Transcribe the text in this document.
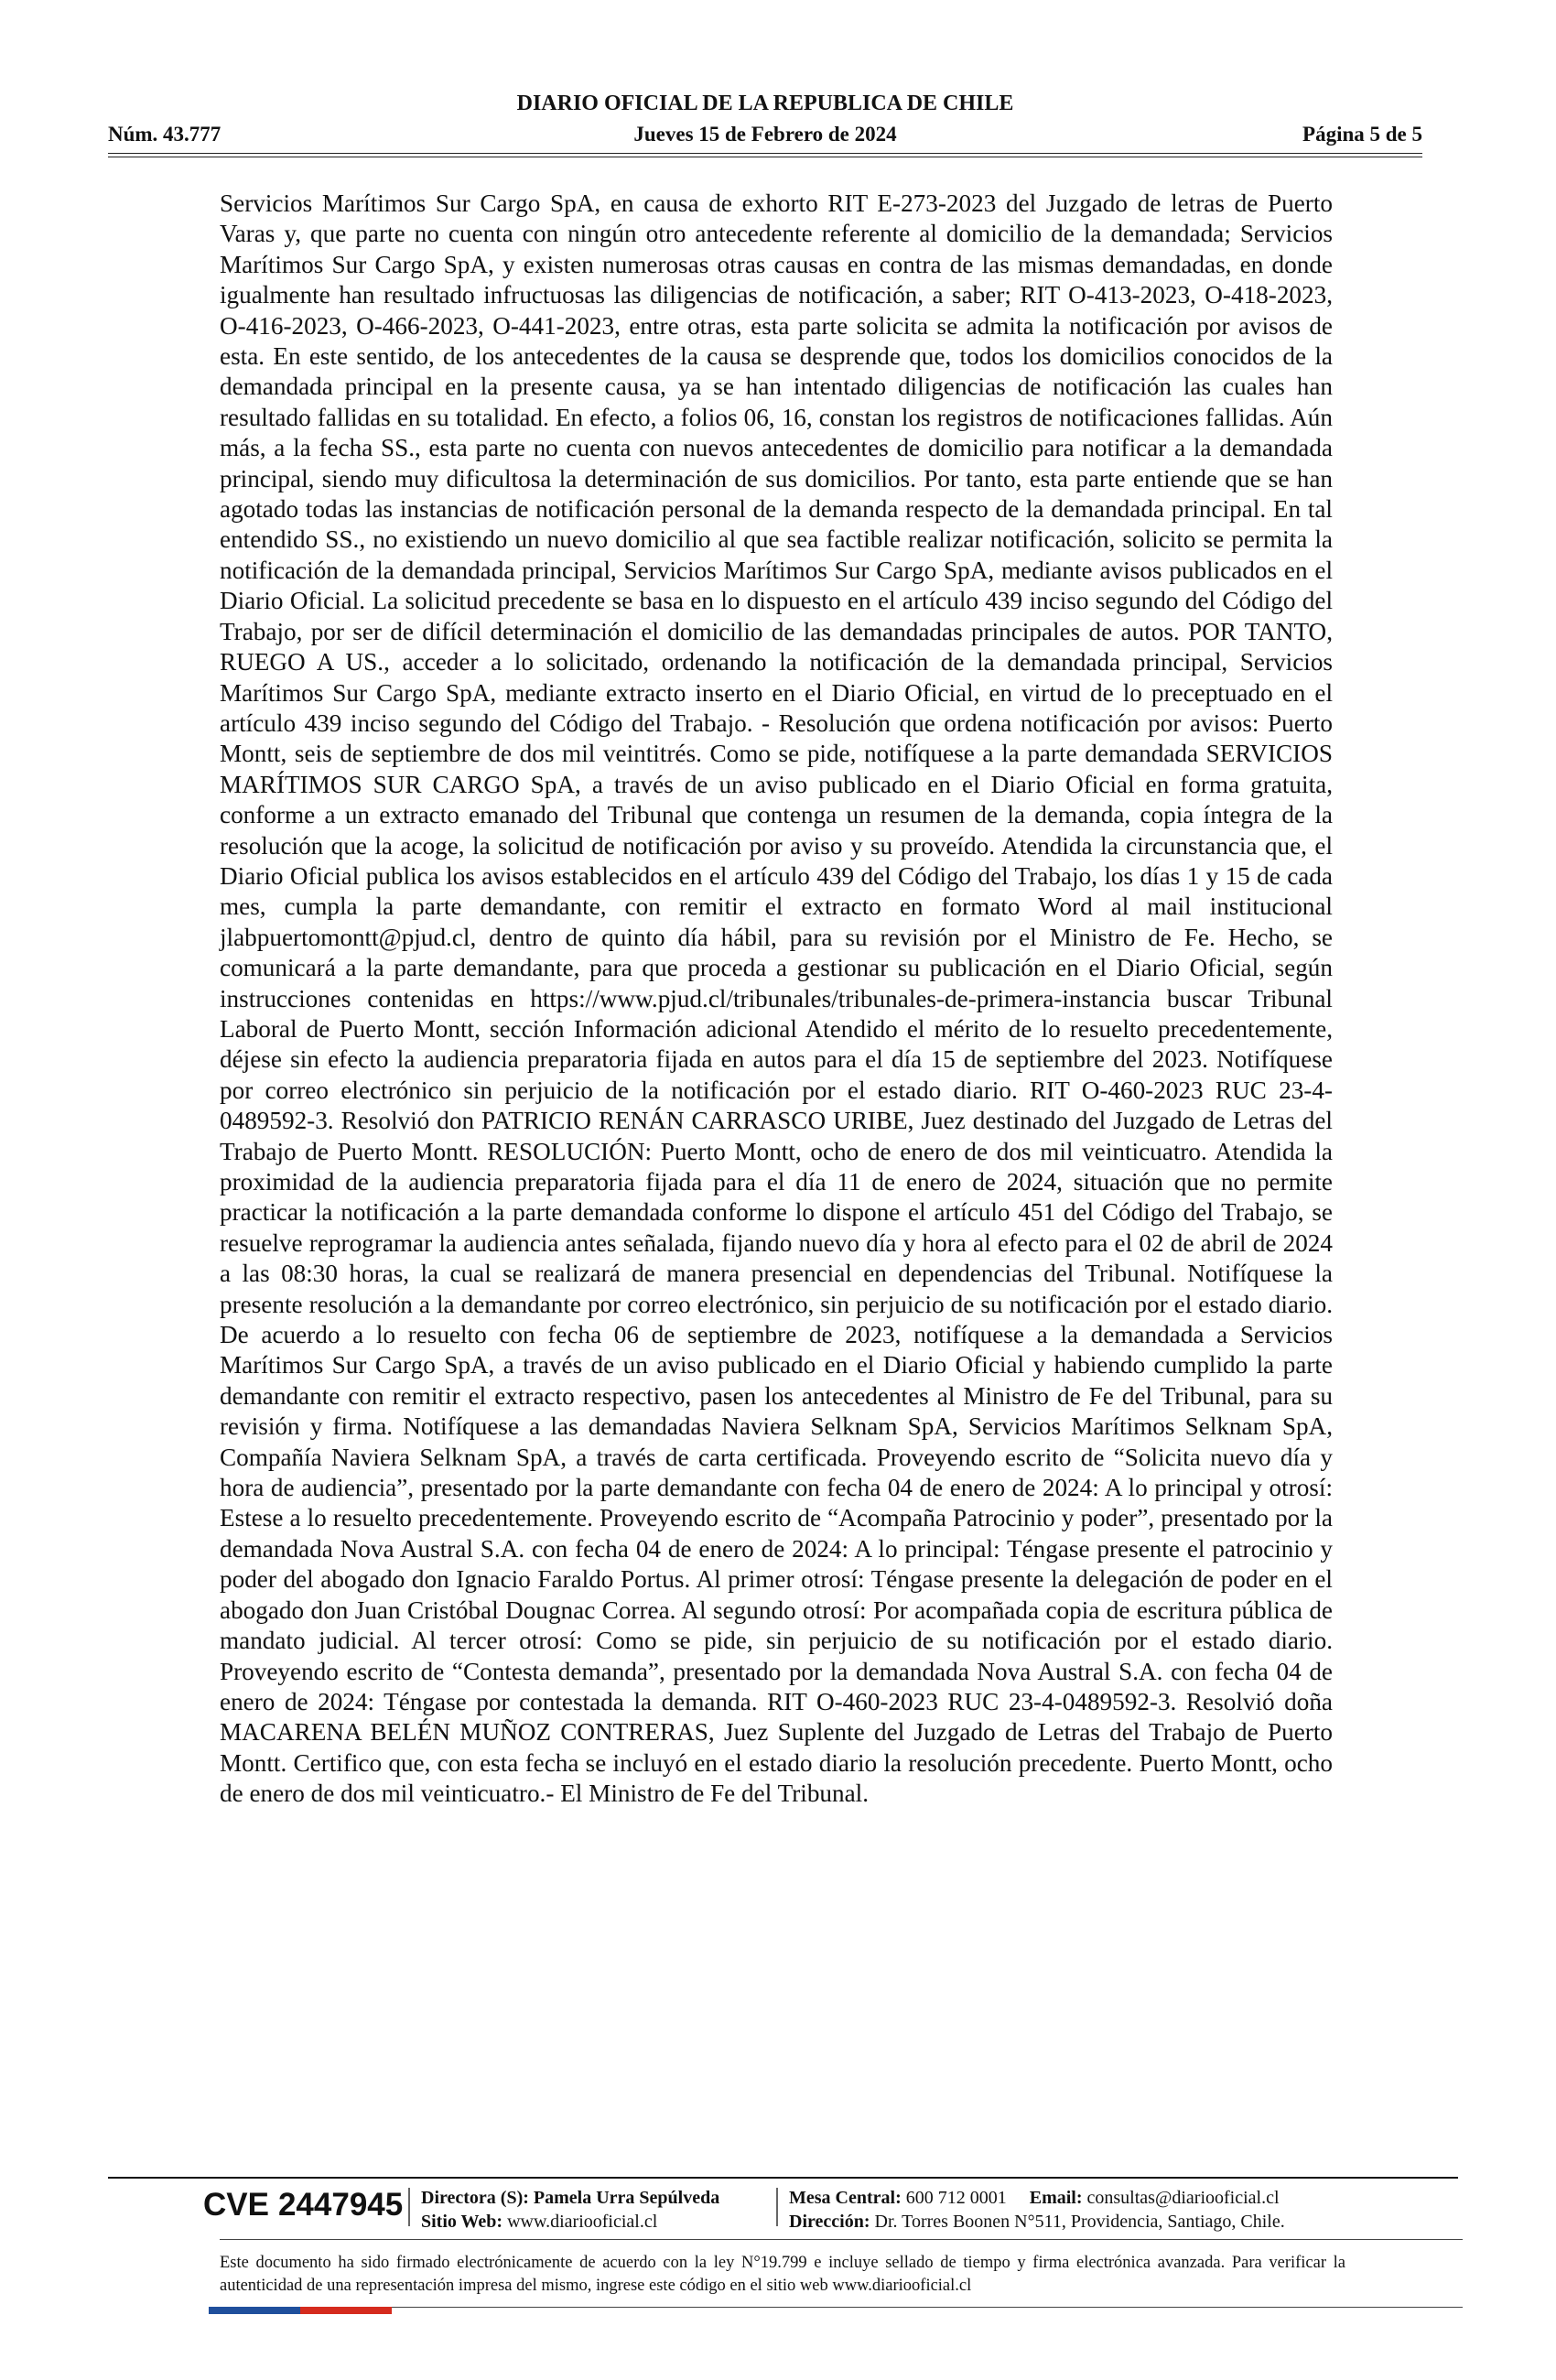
DIARIO OFICIAL DE LA REPUBLICA DE CHILE
Núm. 43.777	Jueves 15 de Febrero de 2024	Página 5 de 5

Servicios Marítimos Sur Cargo SpA, en causa de exhorto RIT E-273-2023 del Juzgado de letras de Puerto Varas y, que parte no cuenta con ningún otro antecedente referente al domicilio de la demandada; Servicios Marítimos Sur Cargo SpA, y existen numerosas otras causas en contra de las mismas demandadas, en donde igualmente han resultado infructuosas las diligencias de notificación, a saber; RIT O-413-2023, O-418-2023, O-416-2023, O-466-2023, O-441-2023, entre otras, esta parte solicita se admita la notificación por avisos de esta. En este sentido, de los antecedentes de la causa se desprende que, todos los domicilios conocidos de la demandada principal en la presente causa, ya se han intentado diligencias de notificación las cuales han resultado fallidas en su totalidad. En efecto, a folios 06, 16, constan los registros de notificaciones fallidas. Aún más, a la fecha SS., esta parte no cuenta con nuevos antecedentes de domicilio para notificar a la demandada principal, siendo muy dificultosa la determinación de sus domicilios. Por tanto, esta parte entiende que se han agotado todas las instancias de notificación personal de la demanda respecto de la demandada principal. En tal entendido SS., no existiendo un nuevo domicilio al que sea factible realizar notificación, solicito se permita la notificación de la demandada principal, Servicios Marítimos Sur Cargo SpA, mediante avisos publicados en el Diario Oficial. La solicitud precedente se basa en lo dispuesto en el artículo 439 inciso segundo del Código del Trabajo, por ser de difícil determinación el domicilio de las demandadas principales de autos. POR TANTO, RUEGO A US., acceder a lo solicitado, ordenando la notificación de la demandada principal, Servicios Marítimos Sur Cargo SpA, mediante extracto inserto en el Diario Oficial, en virtud de lo preceptuado en el artículo 439 inciso segundo del Código del Trabajo. - Resolución que ordena notificación por avisos: Puerto Montt, seis de septiembre de dos mil veintitrés. Como se pide, notifíquese a la parte demandada SERVICIOS MARÍTIMOS SUR CARGO SpA, a través de un aviso publicado en el Diario Oficial en forma gratuita, conforme a un extracto emanado del Tribunal que contenga un resumen de la demanda, copia íntegra de la resolución que la acoge, la solicitud de notificación por aviso y su proveído. Atendida la circunstancia que, el Diario Oficial publica los avisos establecidos en el artículo 439 del Código del Trabajo, los días 1 y 15 de cada mes, cumpla la parte demandante, con remitir el extracto en formato Word al mail institucional jlabpuertomontt@pjud.cl, dentro de quinto día hábil, para su revisión por el Ministro de Fe. Hecho, se comunicará a la parte demandante, para que proceda a gestionar su publicación en el Diario Oficial, según instrucciones contenidas en https://www.pjud.cl/tribunales/tribunales-de-primera-instancia buscar Tribunal Laboral de Puerto Montt, sección Información adicional Atendido el mérito de lo resuelto precedentemente, déjese sin efecto la audiencia preparatoria fijada en autos para el día 15 de septiembre del 2023. Notifíquese por correo electrónico sin perjuicio de la notificación por el estado diario. RIT O-460-2023 RUC 23-4-0489592-3. Resolvió don PATRICIO RENÁN CARRASCO URIBE, Juez destinado del Juzgado de Letras del Trabajo de Puerto Montt. RESOLUCIÓN: Puerto Montt, ocho de enero de dos mil veinticuatro. Atendida la proximidad de la audiencia preparatoria fijada para el día 11 de enero de 2024, situación que no permite practicar la notificación a la parte demandada conforme lo dispone el artículo 451 del Código del Trabajo, se resuelve reprogramar la audiencia antes señalada, fijando nuevo día y hora al efecto para el 02 de abril de 2024 a las 08:30 horas, la cual se realizará de manera presencial en dependencias del Tribunal. Notifíquese la presente resolución a la demandante por correo electrónico, sin perjuicio de su notificación por el estado diario. De acuerdo a lo resuelto con fecha 06 de septiembre de 2023, notifíquese a la demandada a Servicios Marítimos Sur Cargo SpA, a través de un aviso publicado en el Diario Oficial y habiendo cumplido la parte demandante con remitir el extracto respectivo, pasen los antecedentes al Ministro de Fe del Tribunal, para su revisión y firma. Notifíquese a las demandadas Naviera Selknam SpA, Servicios Marítimos Selknam SpA, Compañía Naviera Selknam SpA, a través de carta certificada. Proveyendo escrito de “Solicita nuevo día y hora de audiencia”, presentado por la parte demandante con fecha 04 de enero de 2024: A lo principal y otrosí: Estese a lo resuelto precedentemente. Proveyendo escrito de “Acompaña Patrocinio y poder”, presentado por la demandada Nova Austral S.A. con fecha 04 de enero de 2024: A lo principal: Téngase presente el patrocinio y poder del abogado don Ignacio Faraldo Portus. Al primer otrosí: Téngase presente la delegación de poder en el abogado don Juan Cristóbal Dougnac Correa. Al segundo otrosí: Por acompañada copia de escritura pública de mandato judicial. Al tercer otrosí: Como se pide, sin perjuicio de su notificación por el estado diario. Proveyendo escrito de “Contesta demanda”, presentado por la demandada Nova Austral S.A. con fecha 04 de enero de 2024: Téngase por contestada la demanda. RIT O-460-2023 RUC 23-4-0489592-3. Resolvió doña MACARENA BELÉN MUÑOZ CONTRERAS, Juez Suplente del Juzgado de Letras del Trabajo de Puerto Montt. Certifico que, con esta fecha se incluyó en el estado diario la resolución precedente. Puerto Montt, ocho de enero de dos mil veinticuatro.- El Ministro de Fe del Tribunal.

CVE 2447945 Directora (S): Pamela Urra Sepúlveda
Sitio Web: www.diariooficial.cl
Mesa Central: 600 712 0001 Email: consultas@diariooficial.cl
Dirección: Dr. Torres Boonen N°511, Providencia, Santiago, Chile.
Este documento ha sido firmado electrónicamente de acuerdo con la ley N°19.799 e incluye sellado de tiempo y firma electrónica avanzada. Para verificar la autenticidad de una representación impresa del mismo, ingrese este código en el sitio web www.diariooficial.cl
